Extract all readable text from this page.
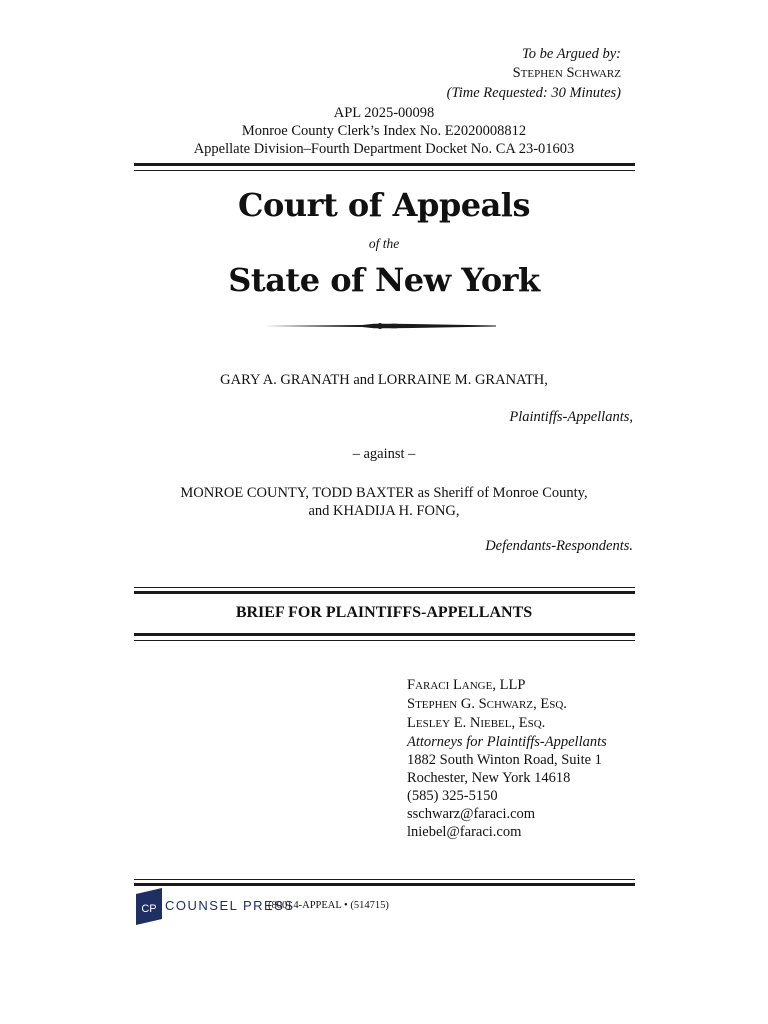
To be Argued by:
STEPHEN SCHWARZ
(Time Requested: 30 Minutes)
APL 2025-00098
Monroe County Clerk’s Index No. E2020008812
Appellate Division–Fourth Department Docket No. CA 23-01603
Court of Appeals
of the
State of New York
GARY A. GRANATH and LORRAINE M. GRANATH,
Plaintiffs-Appellants,
– against –
MONROE COUNTY, TODD BAXTER as Sheriff of Monroe County,
and KHADIJA H. FONG,
Defendants-Respondents.
BRIEF FOR PLAINTIFFS-APPELLANTS
FARACI LANGE, LLP
STEPHEN G. SCHWARZ, ESQ.
LESLEY E. NIEBEL, ESQ.
Attorneys for Plaintiffs-Appellants
1882 South Winton Road, Suite 1
Rochester, New York 14618
(585) 325-5150
sschwarz@faraci.com
lniebel@faraci.com
CP COUNSEL PRESS
(800) 4-APPEAL • (514715)
